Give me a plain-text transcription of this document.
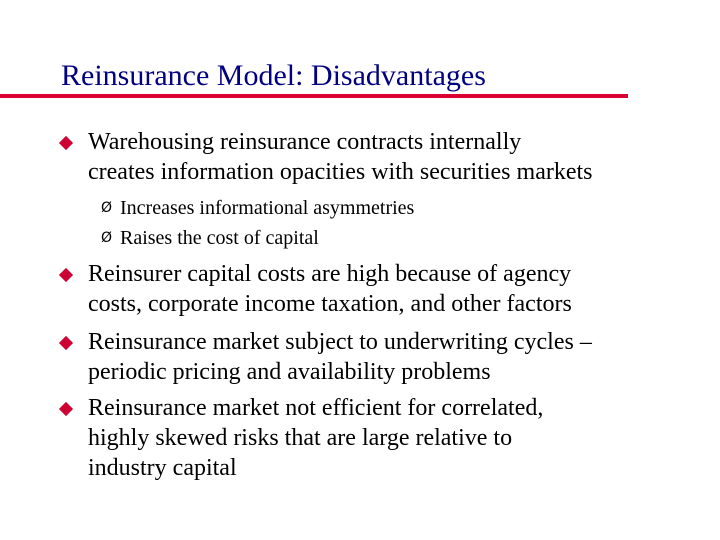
Reinsurance Model: Disadvantages
Warehousing reinsurance contracts internally
creates information opacities with securities markets
Ø Increases informational asymmetries
Ø Raises the cost of capital
Reinsurer capital costs are high because of agency
costs, corporate income taxation, and other factors
Reinsurance market subject to underwriting cycles –
periodic pricing and availability problems
Reinsurance market not efficient for correlated,
highly skewed risks that are large relative to
industry capital
